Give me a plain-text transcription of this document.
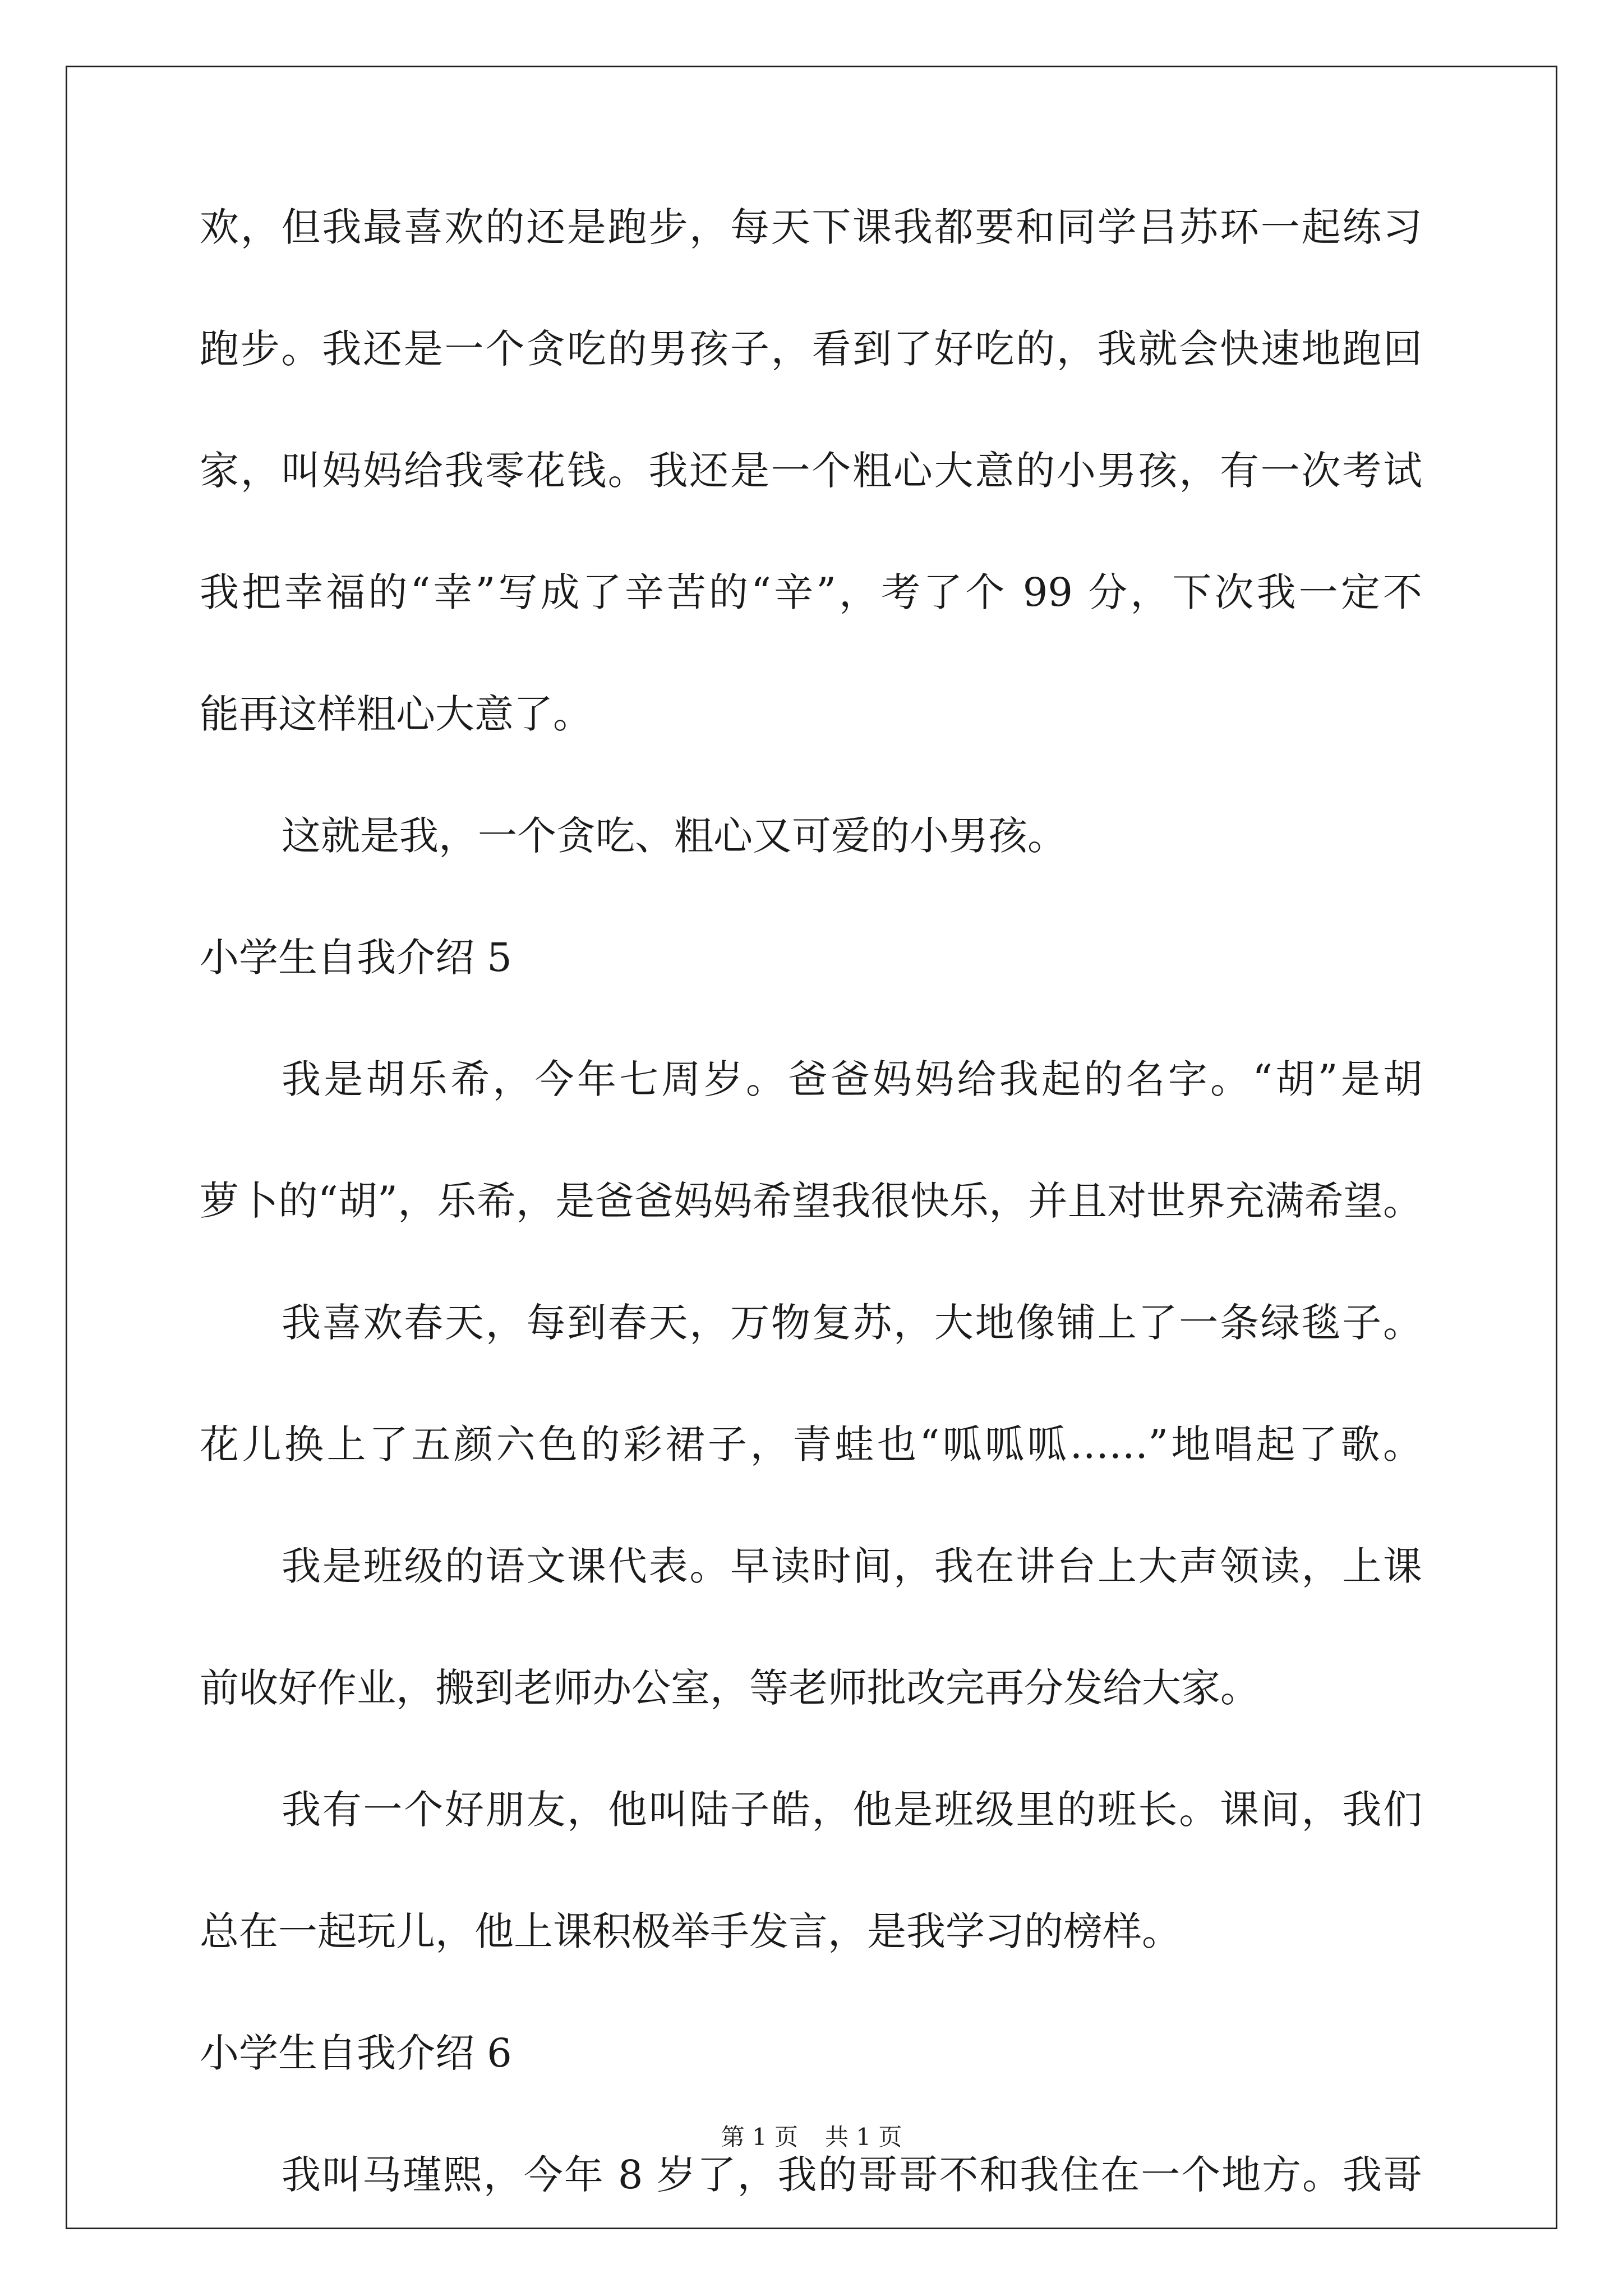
欢，但我最喜欢的还是跑步，每天下课我都要和同学吕苏环一起练习
跑步。我还是一个贪吃的男孩子，看到了好吃的，我就会快速地跑回
家，叫妈妈给我零花钱。我还是一个粗心大意的小男孩，有一次考试
我把幸福的“幸”写成了辛苦的“辛”，考了个 99 分，下次我一定不
能再这样粗心大意了。
这就是我，一个贪吃、粗心又可爱的小男孩。
小学生自我介绍 5
我是胡乐希，今年七周岁。爸爸妈妈给我起的名字。“胡”是胡
萝卜的“胡”，乐希，是爸爸妈妈希望我很快乐，并且对世界充满希望。
我喜欢春天，每到春天，万物复苏，大地像铺上了一条绿毯子。
花儿换上了五颜六色的彩裙子，青蛙也“呱呱呱……”地唱起了歌。
我是班级的语文课代表。早读时间，我在讲台上大声领读，上课
前收好作业，搬到老师办公室，等老师批改完再分发给大家。
我有一个好朋友，他叫陆子皓，他是班级里的班长。课间，我们
总在一起玩儿，他上课积极举手发言，是我学习的榜样。
小学生自我介绍 6
我叫马瑾熙，今年 8 岁了，我的哥哥不和我住在一个地方。我哥
第 1 页 共 1 页
